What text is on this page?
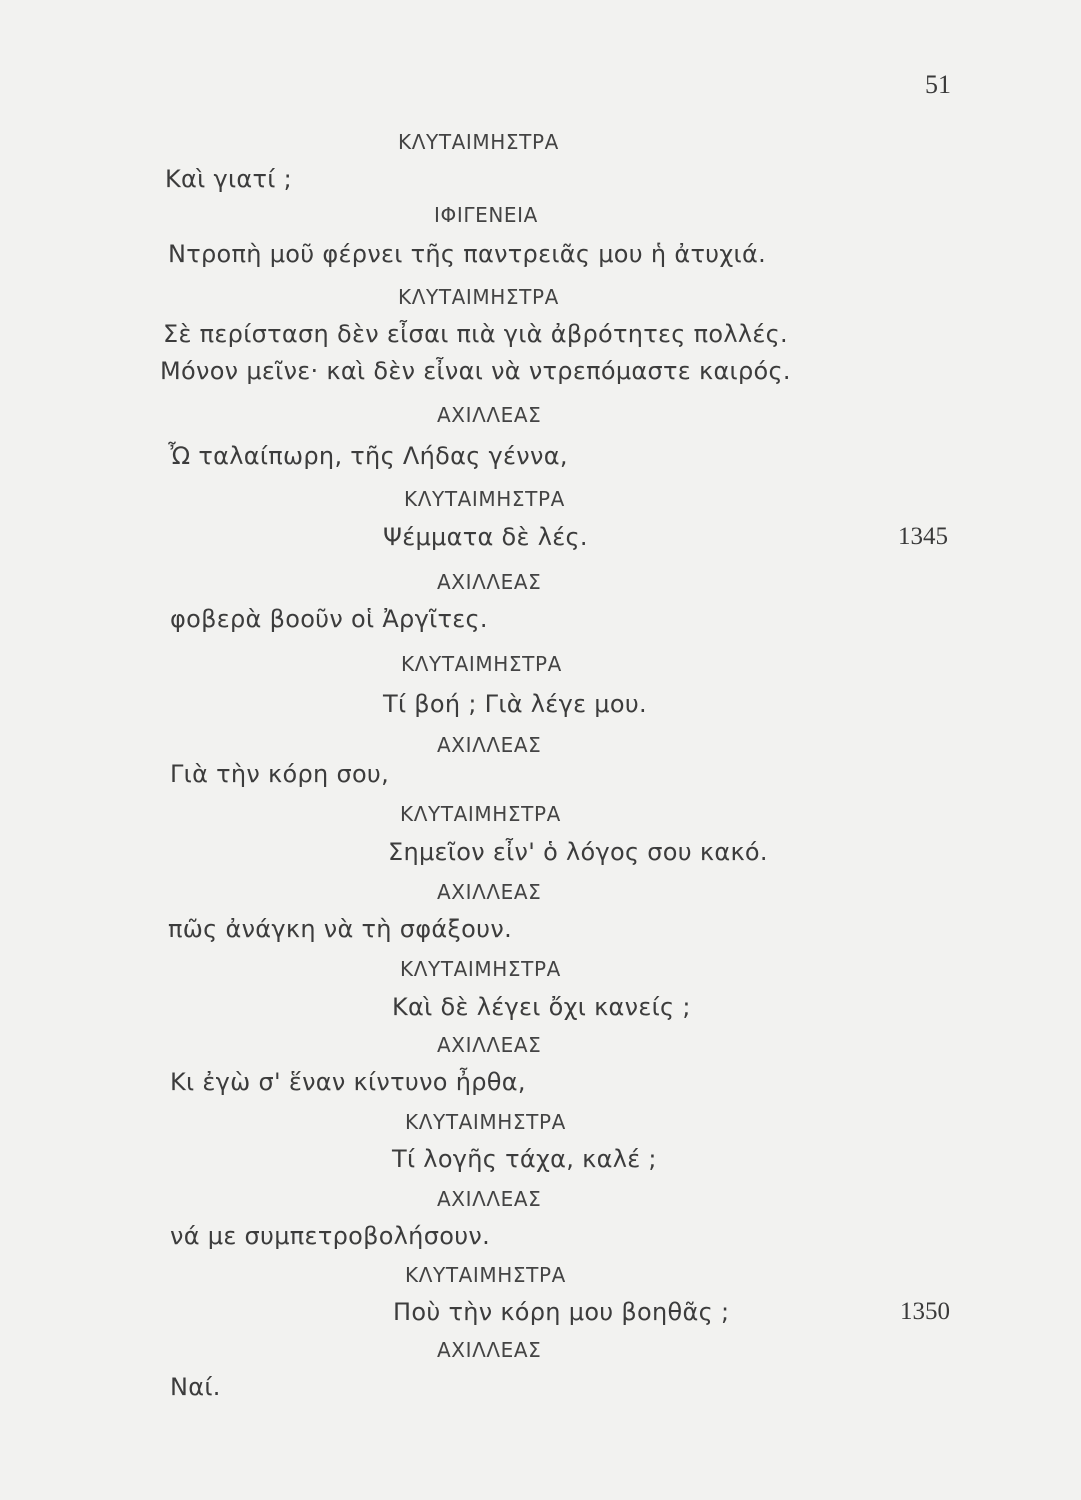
51
ΚΛΥΤΑΙΜΗΣΤΡΑ
Καὶ γιατί ;
ΙΦΙΓΕΝΕΙΑ
Ντροπὴ μοῦ φέρνει τῆς παντρειᾶς μου ἡ ἀτυχιά.
ΚΛΥΤΑΙΜΗΣΤΡΑ
Σὲ περίσταση δὲν εἶσαι πιὰ γιὰ ἀβρότητες πολλές.
Μόνον μεῖνε· καὶ δὲν εἶναι νὰ ντρεπόμαστε καιρός.
ΑΧΙΛΛΕΑΣ
Ὦ ταλαίπωρη, τῆς Λήδας γέννα,
ΚΛΥΤΑΙΜΗΣΤΡΑ
Ψέμματα δὲ λές.	1345
ΑΧΙΛΛΕΑΣ
φοβερὰ βοοῦν οἱ Ἀργῖτες.
ΚΛΥΤΑΙΜΗΣΤΡΑ
Τί βοή ; Γιὰ λέγε μου.
ΑΧΙΛΛΕΑΣ
Γιὰ τὴν κόρη σου,
ΚΛΥΤΑΙΜΗΣΤΡΑ
Σημεῖον εἶν' ὁ λόγος σου κακό.
ΑΧΙΛΛΕΑΣ
πῶς ἀνάγκη νὰ τὴ σφάξουν.
ΚΛΥΤΑΙΜΗΣΤΡΑ
Καὶ δὲ λέγει ὄχι κανείς ;
ΑΧΙΛΛΕΑΣ
Κι ἐγὼ σ' ἕναν κίντυνο ἦρθα,
ΚΛΥΤΑΙΜΗΣΤΡΑ
Τί λογῆς τάχα, καλέ ;
ΑΧΙΛΛΕΑΣ
νά με συμπετροβολήσουν.
ΚΛΥΤΑΙΜΗΣΤΡΑ
Ποὺ τὴν κόρη μου βοηθᾶς ;	1350
ΑΧΙΛΛΕΑΣ
Ναί.
